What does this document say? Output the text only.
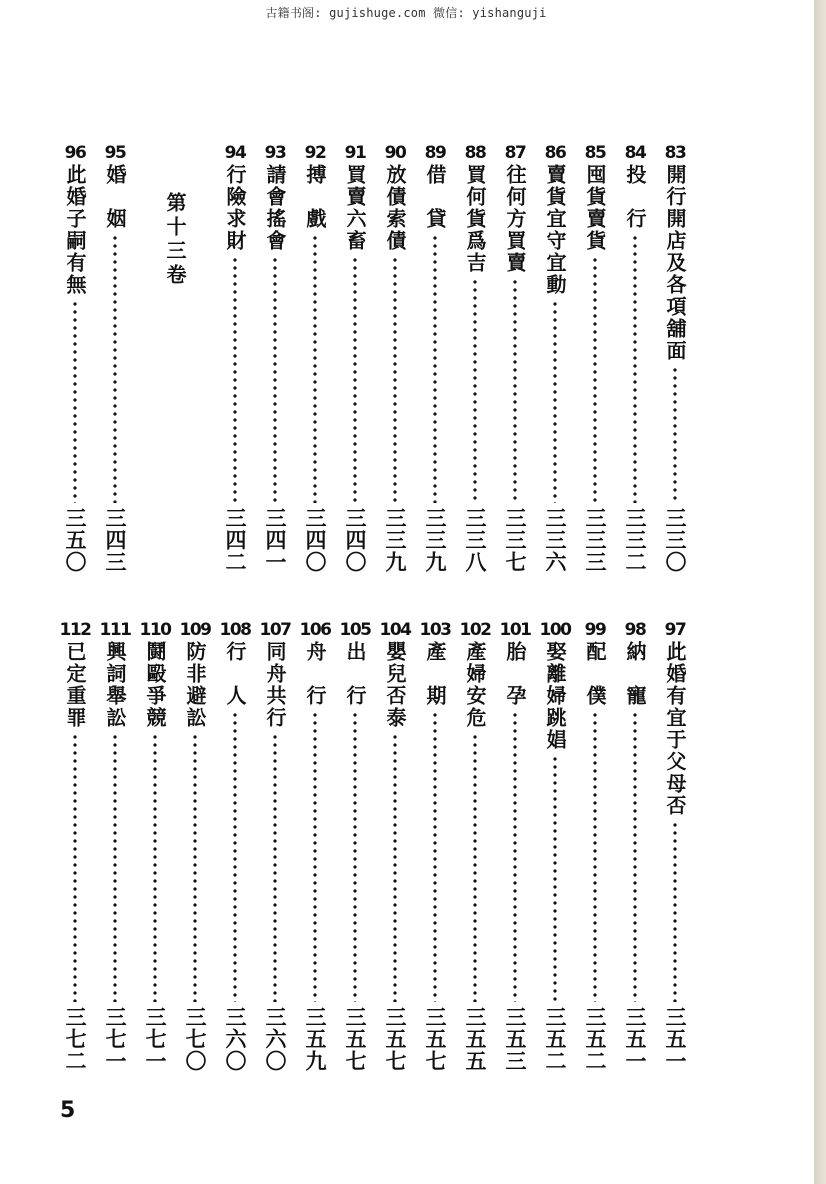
古籍书阁: gujishuge.com 微信: yishanguji
第十三卷
5
83
開行開店及各項舖面
三三〇
84
投　行
三三二
85
囤貨賣貨
三三三
86
賣貨宜守宜動
三三六
87
往何方買賣
三三七
88
買何貨爲吉
三三八
89
借　貸
三三九
90
放債索債
三三九
91
買賣六畜
三四〇
92
搏　戲
三四〇
93
請會搖會
三四一
94
行險求財
三四二
95
婚　姻
三四三
96
此婚子嗣有無
三五〇
97
此婚有宜于父母否
三五一
98
納　寵
三五一
99
配　僕
三五二
100
娶離婦跳娼
三五二
101
胎　孕
三五三
102
產婦安危
三五五
103
產　期
三五七
104
嬰兒否泰
三五七
105
出　行
三五七
106
舟　行
三五九
107
同舟共行
三六〇
108
行　人
三六〇
109
防非避訟
三七〇
110
鬪毆爭競
三七一
111
興詞舉訟
三七一
112
已定重罪
三七二
